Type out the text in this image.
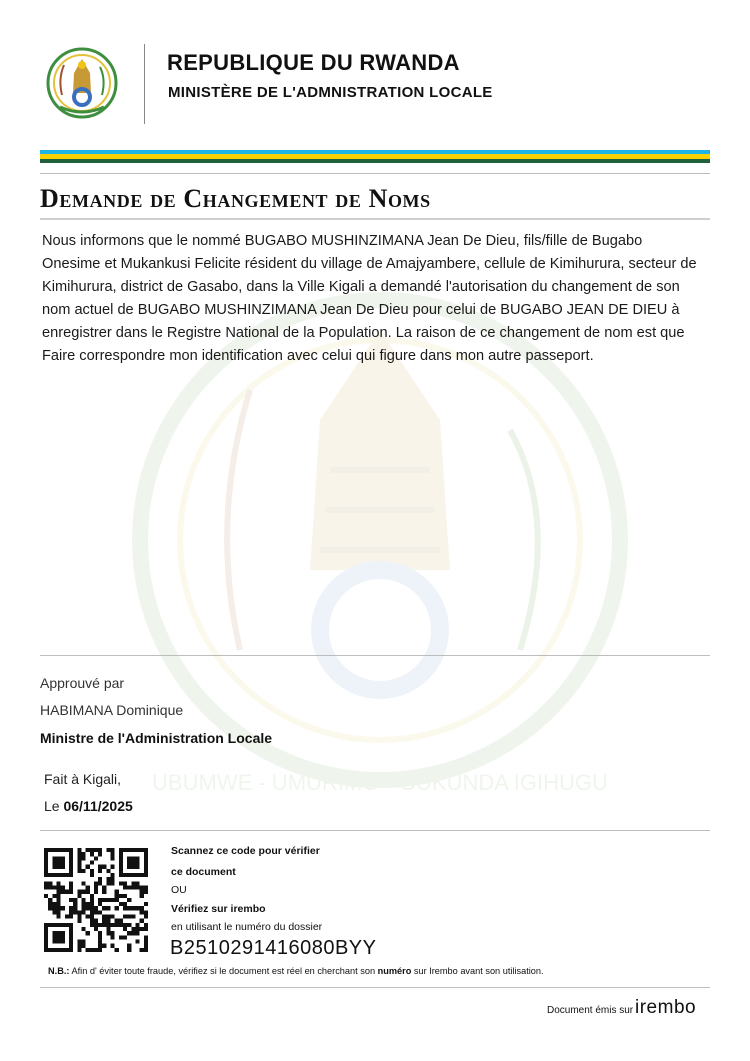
UBUMWE - UMURIMO - GUKUNDA IGIHUGU
REPUBLIQUE DU RWANDA
MINISTÈRE DE L'ADMNISTRATION LOCALE
Demande de Changement de Noms
Nous informons que le nommé BUGABO MUSHINZIMANA Jean De Dieu, fils/fille de Bugabo Onesime et Mukankusi Felicite résident du village de Amajyambere, cellule de Kimihurura, secteur de Kimihurura, district de Gasabo, dans la Ville Kigali a demandé l'autorisation du changement de son nom actuel de BUGABO MUSHINZIMANA Jean De Dieu pour celui de BUGABO JEAN DE DIEU à enregistrer dans le Registre National de la Population. La raison de ce changement de nom est que Faire correspondre mon identification avec celui qui figure dans mon autre passeport.
Approuvé par
HABIMANA Dominique
Ministre de l'Administration Locale
Fait à Kigali,
Le 06/11/2025
Scannez ce code pour vérifier
ce document
OU
Vérifiez sur irembo
en utilisant le numéro du dossier
B2510291416080BYY
N.B.: Afin d' éviter toute fraude, vérifiez si le document est réel en cherchant son numéro sur Irembo avant son utilisation.
Document émis sur irembo
